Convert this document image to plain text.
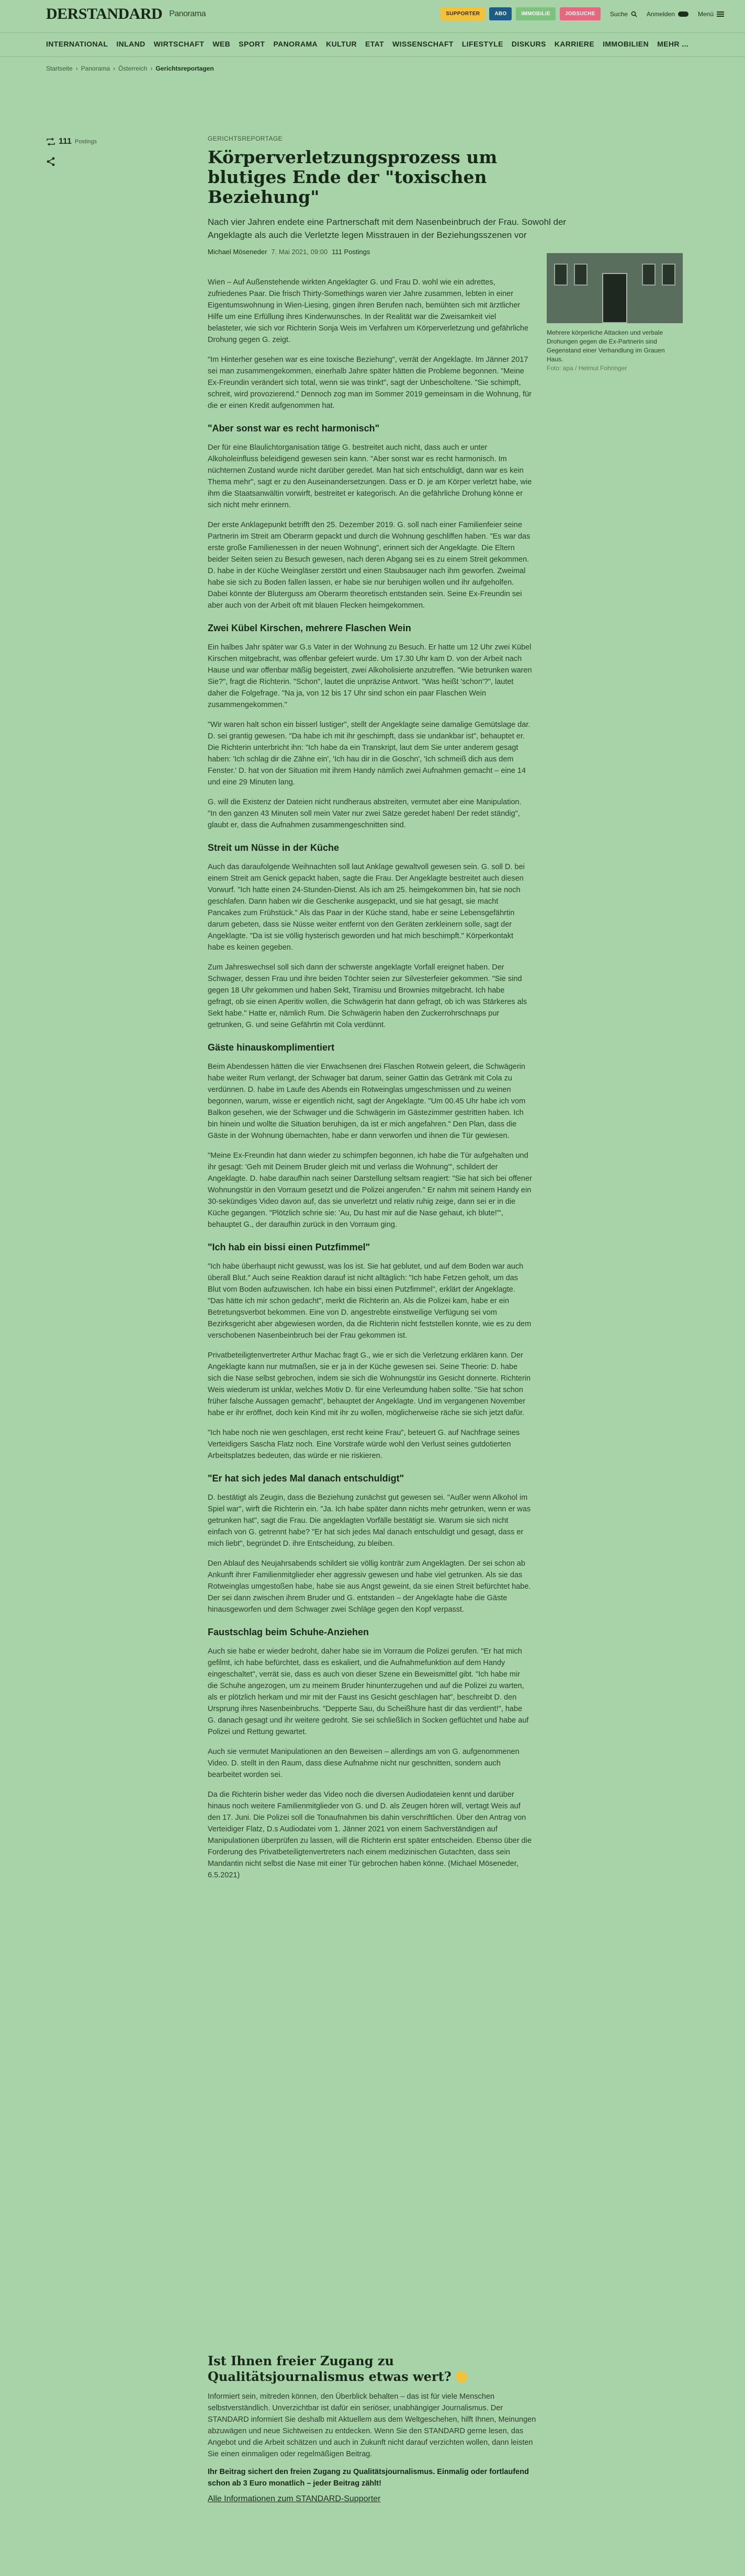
DERSTANDARD $^{Panorama}$	SUPPORTER	ABO	IMMOBILIE	JOBSUCHE	Suche	Anmelden	Menü
INTERNATIONAL INLAND WIRTSCHAFT WEB SPORT PANORAMA KULTUR ETAT WISSENSCHAFT LIFESTYLE DISKURS KARRIERE IMMOBILIEN MEHR ...
Startseite › Panorama › Österreich › Gerichtsreportagen
111 Postings	GERICHTSREPORTAGE
Körperverletzungsprozess um blutiges Ende der "toxischen Beziehung"

Nach vier Jahren endete eine Partnerschaft mit dem Nasenbeinbruch der Frau. Sowohl der Angeklagte als auch die Verletzte legen Misstrauen in der Beziehungsszenen vor

Michael Möseneder 7. Mai 2021, 09:00 111 Postings

Wien – Auf Außenstehende wirkten Angeklagter G. und Frau D. wohl wie ein adrettes, zufriedenes Paar. Die frisch Thirty-Somethings waren vier Jahre zusammen, lebten in einer Eigentumswohnung in Wien-Liesing, gingen ihren Berufen nach, bemühten sich mit ärztlicher Hilfe um eine Erfüllung ihres Kinderwunsches. In der Realität war die Zweisamkeit viel belasteter, wie sich vor Richterin Sonja Weis im Verfahren um Körperverletzung und gefährliche Drohung gegen G. zeigt.

"Im Hinterher gesehen war es eine toxische Beziehung", verrät der Angeklagte. Im Jänner 2017 sei man zusammengekommen, einerhalb Jahre später hätten die Probleme begonnen. "Meine Ex-Freundin verändert sich total, wenn sie was trinkt", sagt der Unbescholtene. "Sie schimpft, schreit, wird provozierend." Dennoch zog man im Sommer 2019 gemeinsam in die Wohnung, für die er einen Kredit aufgenommen hat.

"Aber sonst war es recht harmonisch"

Der für eine Blaulichtorganisation tätige G. bestreitet auch nicht, dass auch er unter Alkoholeinfluss beleidigend gewesen sein kann. "Aber sonst war es recht harmonisch. Im nüchternen Zustand wurde nicht darüber geredet. Man hat sich entschuldigt, dann war es kein Thema mehr", sagt er zu den Auseinandersetzungen. Dass er D. je am Körper verletzt habe, wie ihm die Staatsanwältin vorwirft, bestreitet er kategorisch. An die gefährliche Drohung könne er sich nicht mehr erinnern.

Der erste Anklagepunkt betrifft den 25. Dezember 2019. G. soll nach einer Familienfeier seine Partnerin im Streit am Oberarm gepackt und durch die Wohnung geschliffen haben. "Es war das erste große Familienessen in der neuen Wohnung", erinnert sich der Angeklagte. Die Eltern beider Seiten seien zu Besuch gewesen, nach deren Abgang sei es zu einem Streit gekommen. D. habe in der Küche Weingläser zerstört und einen Staubsauger nach ihm geworfen. Zweimal habe sie sich zu Boden fallen lassen, er habe sie nur beruhigen wollen und ihr aufgeholfen. Dabei könnte der Bluterguss am Oberarm theoretisch entstanden sein. Seine Ex-Freundin sei aber auch von der Arbeit oft mit blauen Flecken heimgekommen.

Zwei Kübel Kirschen, mehrere Flaschen Wein

Ein halbes Jahr später war G.s Vater in der Wohnung zu Besuch. Er hatte um 12 Uhr zwei Kübel Kirschen mitgebracht, was offenbar gefeiert wurde. Um 17.30 Uhr kam D. von der Arbeit nach Hause und war offenbar mäßig begeistert, zwei Alkoholisierte anzutreffen. "Wie betrunken waren Sie?", fragt die Richterin. "Schon", lautet die unpräzise Antwort. "Was heißt 'schon'?", lautet daher die Folgefrage. "Na ja, von 12 bis 17 Uhr sind schon ein paar Flaschen Wein zusammengekommen."

"Wir waren halt schon ein bisserl lustiger", stellt der Angeklagte seine damalige Gemütslage dar. D. sei grantig gewesen. "Da habe ich mit ihr geschimpft, dass sie undankbar ist", behauptet er. Die Richterin unterbricht ihn: "Ich habe da ein Transkript, laut dem Sie unter anderem gesagt haben: 'Ich schlag dir die Zähne ein', 'Ich hau dir in die Goschn', 'Ich schmeiß dich aus dem Fenster.' D. hat von der Situation mit ihrem Handy nämlich zwei Aufnahmen gemacht – eine 14 und eine 29 Minuten lang.

G. will die Existenz der Dateien nicht rundheraus abstreiten, vermutet aber eine Manipulation. "In den ganzen 43 Minuten soll mein Vater nur zwei Sätze geredet haben! Der redet ständig", glaubt er, dass die Aufnahmen zusammengeschnitten sind.

Streit um Nüsse in der Küche

Auch das daraufolgende Weihnachten soll laut Anklage gewaltvoll gewesen sein. G. soll D. bei einem Streit am Genick gepackt haben, sagte die Frau. Der Angeklagte bestreitet auch diesen Vorwurf. "Ich hatte einen 24-Stunden-Dienst. Als ich am 25. heimgekommen bin, hat sie noch geschlafen. Dann haben wir die Geschenke ausgepackt, und sie hat gesagt, sie macht Pancakes zum Frühstück." Als das Paar in der Küche stand, habe er seine Lebensgefährtin darum gebeten, dass sie Nüsse weiter entfernt von den Geräten zerkleinern solle, sagt der Angeklagte. "Da ist sie völlig hysterisch geworden und hat mich beschimpft." Körperkontakt habe es keinen gegeben.

Zum Jahreswechsel soll sich dann der schwerste angeklagte Vorfall ereignet haben. Der Schwager, dessen Frau und ihre beiden Töchter seien zur Silvesterfeier gekommen. "Sie sind gegen 18 Uhr gekommen und haben Sekt, Tiramisu und Brownies mitgebracht. Ich habe gefragt, ob sie einen Aperitiv wollen, die Schwägerin hat dann gefragt, ob ich was Stärkeres als Sekt habe." Hatte er, nämlich Rum. Die Schwägerin haben den Zuckerrohrschnaps pur getrunken, G. und seine Gefährtin mit Cola verdünnt.

Gäste hinauskomplimentiert

Beim Abendessen hätten die vier Erwachsenen drei Flaschen Rotwein geleert, die Schwägerin habe weiter Rum verlangt, der Schwager bat darum, seiner Gattin das Getränk mit Cola zu verdünnen. D. habe im Laufe des Abends ein Rotweinglas umgeschmissen und zu weinen begonnen, warum, wisse er eigentlich nicht, sagt der Angeklagte. "Um 00.45 Uhr habe ich vom Balkon gesehen, wie der Schwager und die Schwägerin im Gästezimmer gestritten haben. Ich bin hinein und wollte die Situation beruhigen, da ist er mich angefahren." Den Plan, dass die Gäste in der Wohnung übernachten, habe er dann verworfen und ihnen die Tür gewiesen.

"Meine Ex-Freundin hat dann wieder zu schimpfen begonnen, ich habe die Tür aufgehalten und ihr gesagt: 'Geh mit Deinem Bruder gleich mit und verlass die Wohnung'", schildert der Angeklagte. D. habe daraufhin nach seiner Darstellung seltsam reagiert: "Sie hat sich bei offener Wohnungstür in den Vorraum gesetzt und die Polizei angerufen." Er nahm mit seinem Handy ein 30-sekündiges Video davon auf, das sie unverletzt und relativ ruhig zeige, dann sei er in die Küche gegangen. "Plötzlich schrie sie: 'Au, Du hast mir auf die Nase gehaut, ich blute!'", behauptet G., der daraufhin zurück in den Vorraum ging.

"Ich hab ein bissi einen Putzfimmel"

"Ich habe überhaupt nicht gewusst, was los ist. Sie hat geblutet, und auf dem Boden war auch überall Blut." Auch seine Reaktion darauf ist nicht alltäglich: "Ich habe Fetzen geholt, um das Blut vom Boden aufzuwischen. Ich habe ein bissi einen Putzfimmel", erklärt der Angeklagte. "Das hätte ich mir schon gedacht", merkt die Richterin an. Als die Polizei kam, habe er ein Betretungsverbot bekommen. Eine von D. angestrebte einstweilige Verfügung sei vom Bezirksgericht aber abgewiesen worden, da die Richterin nicht feststellen konnte, wie es zu dem verschobenen Nasenbeinbruch bei der Frau gekommen ist.

Privatbeteiligtenvertreter Arthur Machac fragt G., wie er sich die Verletzung erklären kann. Der Angeklagte kann nur mutmaßen, sie er ja in der Küche gewesen sei. Seine Theorie: D. habe sich die Nase selbst gebrochen, indem sie sich die Wohnungstür ins Gesicht donnerte. Richterin Weis wiederum ist unklar, welches Motiv D. für eine Verleumdung haben sollte. "Sie hat schon früher falsche Aussagen gemacht", behauptet der Angeklagte. Und im vergangenen November habe er ihr eröffnet, doch kein Kind mit ihr zu wollen, möglicherweise räche sie sich jetzt dafür.

"Ich habe noch nie wen geschlagen, erst recht keine Frau", beteuert G. auf Nachfrage seines Verteidigers Sascha Flatz noch. Eine Vorstrafe würde wohl den Verlust seines gutdotierten Arbeitsplatzes bedeuten, das würde er nie riskieren.

"Er hat sich jedes Mal danach entschuldigt"

D. bestätigt als Zeugin, dass die Beziehung zunächst gut gewesen sei. "Außer wenn Alkohol im Spiel war", wirft die Richterin ein. "Ja. Ich habe später dann nichts mehr getrunken, wenn er was getrunken hat", sagt die Frau. Die angeklagten Vorfälle bestätigt sie. Warum sie sich nicht einfach von G. getrennt habe? "Er hat sich jedes Mal danach entschuldigt und gesagt, dass er mich liebt", begründet D. ihre Entscheidung, zu bleiben.

Den Ablauf des Neujahrsabends schildert sie völlig konträr zum Angeklagten. Der sei schon ab Ankunft ihrer Familienmitglieder eher aggressiv gewesen und habe viel getrunken. Als sie das Rotweinglas umgestoßen habe, habe sie aus Angst geweint, da sie einen Streit befürchtet habe. Der sei dann zwischen ihrem Bruder und G. entstanden – der Angeklagte habe die Gäste hinausgeworfen und dem Schwager zwei Schläge gegen den Kopf verpasst.

Faustschlag beim Schuhe-Anziehen

Auch sie habe er wieder bedroht, daher habe sie im Vorraum die Polizei gerufen. "Er hat mich gefilmt, ich habe befürchtet, dass es eskaliert, und die Aufnahmefunktion auf dem Handy eingeschaltet", verrät sie, dass es auch von dieser Szene ein Beweismittel gibt. "Ich habe mir die Schuhe angezogen, um zu meinem Bruder hinunterzugehen und auf die Polizei zu warten, als er plötzlich herkam und mir mit der Faust ins Gesicht geschlagen hat", beschreibt D. den Ursprung ihres Nasenbeinbruchs. "Depperte Sau, du Scheißhure hast dir das verdient!", habe G. danach gesagt und ihr weitere gedroht. Sie sei schließlich in Socken geflüchtet und habe auf Polizei und Rettung gewartet.

Auch sie vermutet Manipulationen an den Beweisen – allerdings am von G. aufgenommenen Video. D. stellt in den Raum, dass diese Aufnahme nicht nur geschnitten, sondern auch bearbeitet worden sei.

Da die Richterin bisher weder das Video noch die diversen Audiodateien kennt und darüber hinaus noch weitere Familienmitglieder von G. und D. als Zeugen hören will, vertagt Weis auf den 17. Juni. Die Polizei soll die Tonaufnahmen bis dahin verschriftlichen. Über den Antrag von Verteidiger Flatz, D.s Audiodatei vom 1. Jänner 2021 von einem Sachverständigen auf Manipulationen überprüfen zu lassen, will die Richterin erst später entscheiden. Ebenso über die Forderung des Privatbeteiligtenvertreters nach einem medizinischen Gutachten, dass sein Mandantin nicht selbst die Nase mit einer Tür gebrochen haben könne. (Michael Möseneder, 6.5.2021)

Mehrere körperliche Attacken und verbale Drohungen gegen die Ex-Partnerin sind Gegenstand einer Verhandlung im Grauen Haus.
Foto: apa / Helmut Fohringer
Ist Ihnen freier Zugang zu Qualitätsjournalismus etwas wert?

Informiert sein, mitreden können, den Überblick behalten – das ist für viele Menschen selbstverständlich. Unverzichtbar ist dafür ein seriöser, unabhängiger Journalismus. Der STANDARD informiert Sie deshalb mit Aktuellem aus dem Weltgeschehen, hilft Ihnen, Meinungen abzuwägen und neue Sichtweisen zu entdecken. Wenn Sie den STANDARD gerne lesen, das Angebot und die Arbeit schätzen und auch in Zukunft nicht darauf verzichten wollen, dann leisten Sie einen einmaligen oder regelmäßigen Beitrag.

Ihr Beitrag sichert den freien Zugang zu Qualitätsjournalismus. Einmalig oder fortlaufend schon ab 3 Euro monatlich – jeder Beitrag zählt!

Alle Informationen zum STANDARD-Supporter
